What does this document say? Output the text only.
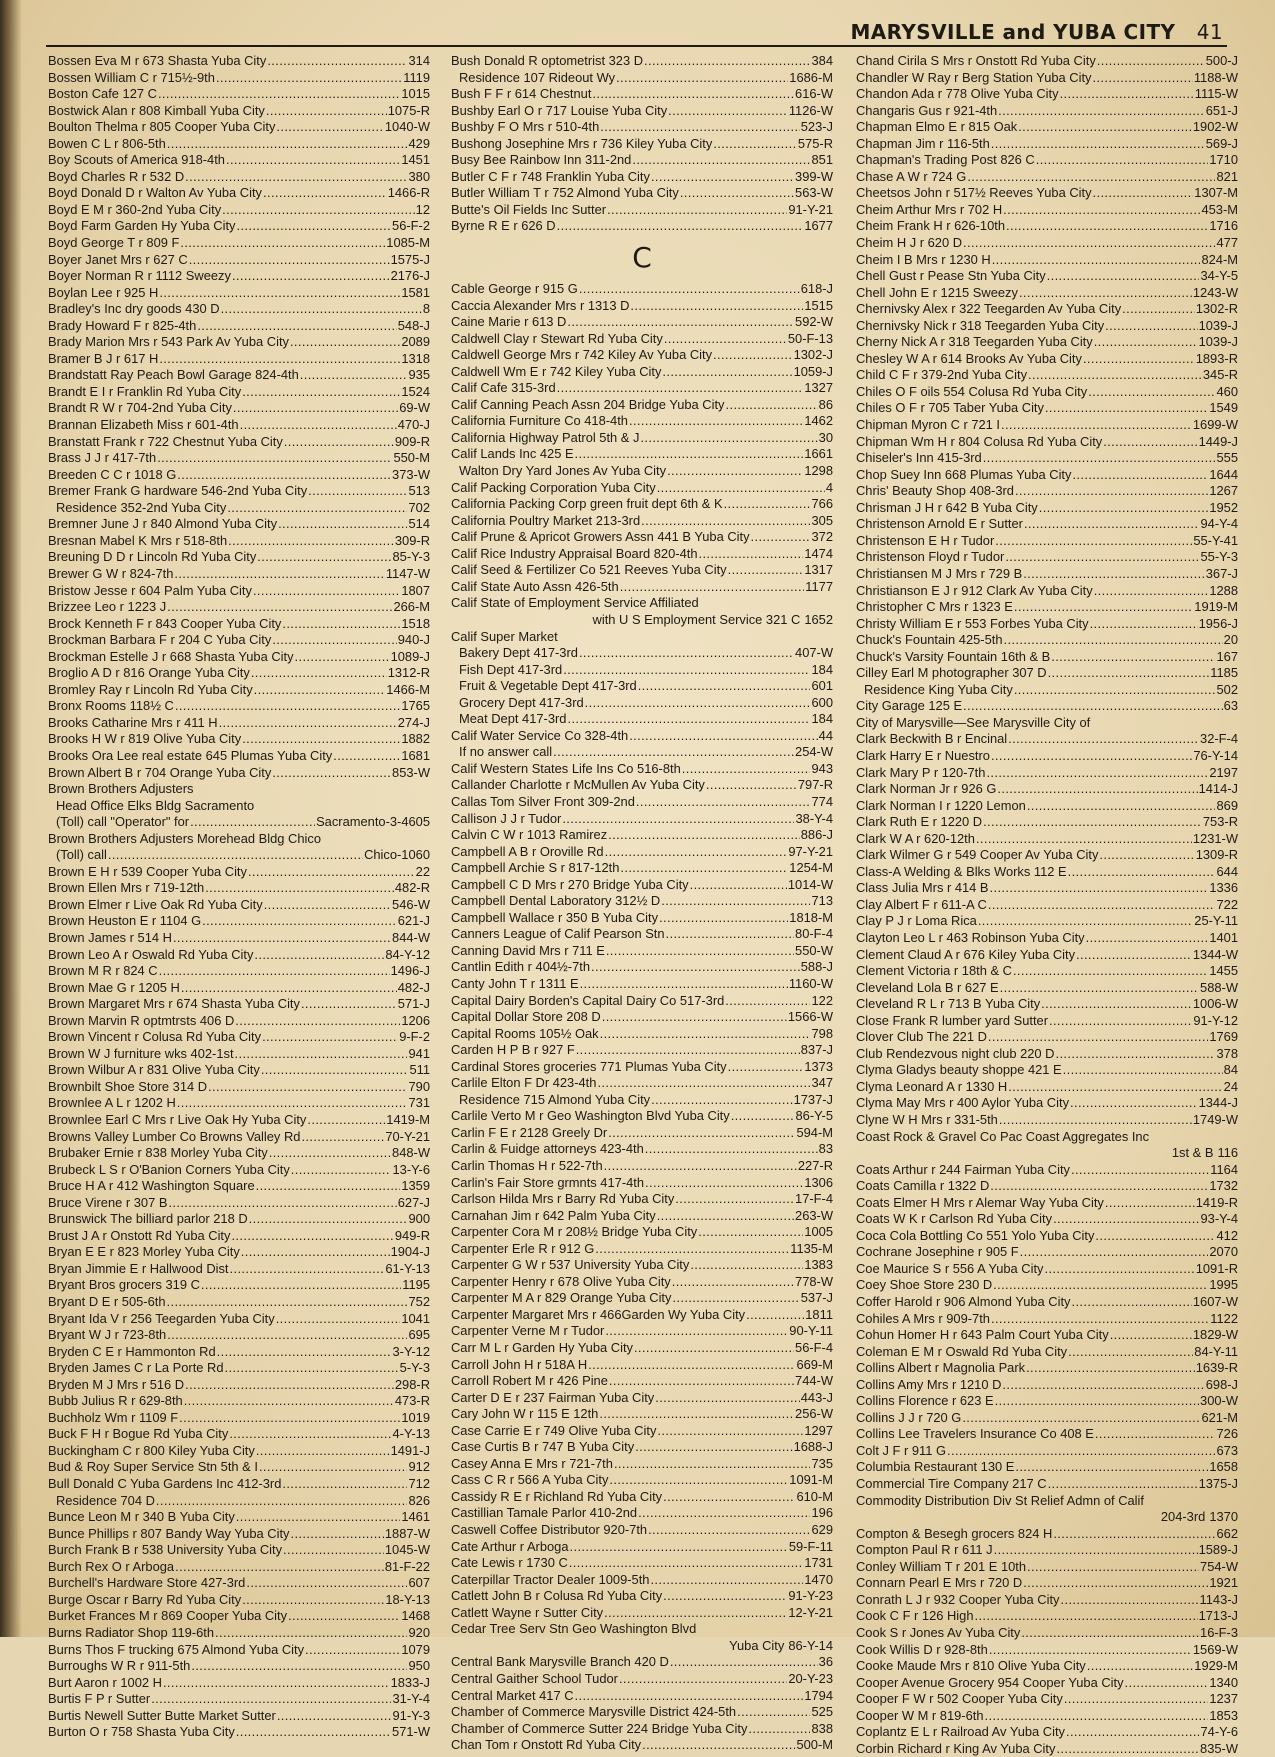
MARYSVILLE and YUBA CITY 41
Bossen Eva M r 673 Shasta Yuba City . . .	314
Bossen William C r 715½-9th . . .	1119
Boston Cafe 127 C . . .	1015
Bostwick Alan r 808 Kimball Yuba City . . .	1075-R
Boulton Thelma r 805 Cooper Yuba City . . .	1040-W
Bowen C L r 806-5th . . .	429
Boy Scouts of America 918-4th . . .	1451
Boyd Charles R r 532 D . . .	380
Boyd Donald D r Walton Av Yuba City . . .	1466-R
Boyd E M r 360-2nd Yuba City . . .	12
Boyd Farm Garden Hy Yuba City . . .	56-F-2
Boyd George T r 809 F . . .	1085-M
Boyer Janet Mrs r 627 C . . .	1575-J
Boyer Norman R r 1112 Sweezy . . .	2176-J
Boylan Lee r 925 H . . .	1581
Bradley's Inc dry goods 430 D . . .	8
Brady Howard F r 825-4th . . .	548-J
Brady Marion Mrs r 543 Park Av Yuba City . . .	2089
Bramer B J r 617 H . . .	1318
Brandstatt Ray Peach Bowl Garage 824-4th . . .	935
Brandt E I r Franklin Rd Yuba City . . .	1524
Brandt R W r 704-2nd Yuba City . . .	69-W
Brannan Elizabeth Miss r 601-4th . . .	470-J
Branstatt Frank r 722 Chestnut Yuba City . . .	909-R
Brass J J r 417-7th . . .	550-M
Breeden C C r 1018 G . . .	373-W
Bremer Frank G hardware 546-2nd Yuba City . . .	513
Residence 352-2nd Yuba City . . .	702
Bremner June J r 840 Almond Yuba City . . .	514
Bresnan Mabel K Mrs r 518-8th . . .	309-R
Breuning D D r Lincoln Rd Yuba City . . .	85-Y-3
Brewer G W r 824-7th . . .	1147-W
Bristow Jesse r 604 Palm Yuba City . . .	1807
Brizzee Leo r 1223 J . . .	266-M
Brock Kenneth F r 843 Cooper Yuba City . . .	1518
Brockman Barbara F r 204 C Yuba City . . .	940-J
Brockman Estelle J r 668 Shasta Yuba City . . .	1089-J
Broglio A D r 816 Orange Yuba City . . .	1312-R
Bromley Ray r Lincoln Rd Yuba City . . .	1466-M
Bronx Rooms 118½ C . . .	1765
Brooks Catharine Mrs r 411 H . . .	274-J
Brooks H W r 819 Olive Yuba City . . .	1882
Brooks Ora Lee real estate 645 Plumas Yuba City . . .	1681
Brown Albert B r 704 Orange Yuba City . . .	853-W
Brown Brothers Adjusters
Head Office Elks Bldg Sacramento
(Toll) call "Operator" for . . .	Sacramento-3-4605
Brown Brothers Adjusters Morehead Bldg Chico
(Toll) call . . .	Chico-1060
Brown E H r 539 Cooper Yuba City . . .	22
Brown Ellen Mrs r 719-12th . . .	482-R
Brown Elmer r Live Oak Rd Yuba City . . .	546-W
Brown Heuston E r 1104 G . . .	621-J
Brown James r 514 H . . .	844-W
Brown Leo A r Oswald Rd Yuba City . . .	84-Y-12
Brown M R r 824 C . . .	1496-J
Brown Mae G r 1205 H . . .	482-J
Brown Margaret Mrs r 674 Shasta Yuba City . . .	571-J
Brown Marvin R optmtrsts 406 D . . .	1206
Brown Vincent r Colusa Rd Yuba City . . .	9-F-2
Brown W J furniture wks 402-1st . . .	941
Brown Wilbur A r 831 Olive Yuba City . . .	511
Brownbilt Shoe Store 314 D . . .	790
Brownlee A L r 1202 H . . .	731
Brownlee Earl C Mrs r Live Oak Hy Yuba City . . .	1419-M
Browns Valley Lumber Co Browns Valley Rd . . .	70-Y-21
Brubaker Ernie r 838 Morley Yuba City . . .	848-W
Brubeck L S r O'Banion Corners Yuba City . . .	13-Y-6
Bruce H A r 412 Washington Square . . .	1359
Bruce Virene r 307 B . . .	627-J
Brunswick The billiard parlor 218 D . . .	900
Brust J A r Onstott Rd Yuba City . . .	949-R
Bryan E E r 823 Morley Yuba City . . .	1904-J
Bryan Jimmie E r Hallwood Dist . . .	61-Y-13
Bryant Bros grocers 319 C . . .	1195
Bryant D E r 505-6th . . .	752
Bryant Ida V r 256 Teegarden Yuba City . . .	1041
Bryant W J r 723-8th . . .	695
Bryden C E r Hammonton Rd . . .	3-Y-12
Bryden James C r La Porte Rd . . .	5-Y-3
Bryden M J Mrs r 516 D . . .	298-R
Bubb Julius R r 629-8th . . .	473-R
Buchholz Wm r 1109 F . . .	1019
Buck F H r Bogue Rd Yuba City . . .	4-Y-13
Buckingham C r 800 Kiley Yuba City . . .	1491-J
Bud & Roy Super Service Stn 5th & I . . .	912
Bull Donald C Yuba Gardens Inc 412-3rd . . .	712
Residence 704 D . . .	826
Bunce Leon M r 340 B Yuba City . . .	1461
Bunce Phillips r 807 Bandy Way Yuba City . . .	1887-W
Burch Frank B r 538 University Yuba City . . .	1045-W
Burch Rex O r Arboga . . .	81-F-22
Burchell's Hardware Store 427-3rd . . .	607
Burge Oscar r Barry Rd Yuba City . . .	18-Y-13
Burket Frances M r 869 Cooper Yuba City . . .	1468
Burns Radiator Shop 119-6th . . .	920
Burns Thos F trucking 675 Almond Yuba City . . .	1079
Burroughs W R r 911-5th . . .	950
Burt Aaron r 1002 H . . .	1833-J
Burtis F P r Sutter . . .	31-Y-4
Burtis Newell Sutter Butte Market Sutter . . .	91-Y-3
Burton O r 758 Shasta Yuba City . . .	571-W
Bush Donald R optometrist 323 D . . .	384
Residence 107 Rideout Wy . . .	1686-M
Bush F F r 614 Chestnut . . .	616-W
Bushby Earl O r 717 Louise Yuba City . . .	1126-W
Bushby F O Mrs r 510-4th . . .	523-J
Bushong Josephine Mrs r 736 Kiley Yuba City . . .	575-R
Busy Bee Rainbow Inn 311-2nd . . .	851
Butler C F r 748 Franklin Yuba City . . .	399-W
Butler William T r 752 Almond Yuba City . . .	563-W
Butte's Oil Fields Inc Sutter . . .	91-Y-21
Byrne R E r 626 D . . .	1677
C
Cable George r 915 G . . .	618-J
Caccia Alexander Mrs r 1313 D . . .	1515
Caine Marie r 613 D . . .	592-W
Caldwell Clay r Stewart Rd Yuba City . . .	50-F-13
Caldwell George Mrs r 742 Kiley Av Yuba City . . .	1302-J
Caldwell Wm E r 742 Kiley Yuba City . . .	1059-J
Calif Cafe 315-3rd . . .	1327
Calif Canning Peach Assn 204 Bridge Yuba City . . .	86
California Furniture Co 418-4th . . .	1462
California Highway Patrol 5th & J . . .	30
Calif Lands Inc 425 E . . .	1661
Walton Dry Yard Jones Av Yuba City . . .	1298
Calif Packing Corporation Yuba City . . .	4
California Packing Corp green fruit dept 6th & K . . .	766
California Poultry Market 213-3rd . . .	305
Calif Prune & Apricot Growers Assn 441 B Yuba City . . .	372
Calif Rice Industry Appraisal Board 820-4th . . .	1474
Calif Seed & Fertilizer Co 521 Reeves Yuba City . . .	1317
Calif State Auto Assn 426-5th . . .	1177
Calif State of Employment Service Affiliated
with U S Employment Service 321 C 1652
Calif Super Market
Bakery Dept 417-3rd . . .	407-W
Fish Dept 417-3rd . . .	184
Fruit & Vegetable Dept 417-3rd . . .	601
Grocery Dept 417-3rd . . .	600
Meat Dept 417-3rd . . .	184
Calif Water Service Co 328-4th . . .	44
If no answer call . . .	254-W
Calif Western States Life Ins Co 516-8th . . .	943
Callander Charlotte r McMullen Av Yuba City . . .	797-R
Callas Tom Silver Front 309-2nd . . .	774
Callison J J r Tudor . . .	38-Y-4
Calvin C W r 1013 Ramirez . . .	886-J
Campbell A B r Oroville Rd . . .	97-Y-21
Campbell Archie S r 817-12th . . .	1254-M
Campbell C D Mrs r 270 Bridge Yuba City . . .	1014-W
Campbell Dental Laboratory 312½ D . . .	713
Campbell Wallace r 350 B Yuba City . . .	1818-M
Canners League of Calif Pearson Stn . . .	80-F-4
Canning David Mrs r 711 E . . .	550-W
Cantlin Edith r 404½-7th . . .	588-J
Canty John T r 1311 E . . .	1160-W
Capital Dairy Borden's Capital Dairy Co 517-3rd . . .	122
Capital Dollar Store 208 D . . .	1566-W
Capital Rooms 105½ Oak . . .	798
Carden H P B r 927 F . . .	837-J
Cardinal Stores groceries 771 Plumas Yuba City . . .	1373
Carlile Elton F Dr 423-4th . . .	347
Residence 715 Almond Yuba City . . .	1737-J
Carlile Verto M r Geo Washington Blvd Yuba City . . .	86-Y-5
Carlin F E r 2128 Greely Dr . . .	594-M
Carlin & Fuidge attorneys 423-4th . . .	83
Carlin Thomas H r 522-7th . . .	227-R
Carlin's Fair Store grmnts 417-4th . . .	1306
Carlson Hilda Mrs r Barry Rd Yuba City . . .	17-F-4
Carnahan Jim r 642 Palm Yuba City . . .	263-W
Carpenter Cora M r 208½ Bridge Yuba City . . .	1005
Carpenter Erle R r 912 G . . .	1135-M
Carpenter G W r 537 University Yuba City . . .	1383
Carpenter Henry r 678 Olive Yuba City . . .	778-W
Carpenter M A r 829 Orange Yuba City . . .	537-J
Carpenter Margaret Mrs r 466Garden Wy Yuba City . . .	1811
Carpenter Verne M r Tudor . . .	90-Y-11
Carr M L r Garden Hy Yuba City . . .	56-F-4
Carroll John H r 518A H . . .	669-M
Carroll Robert M r 426 Pine . . .	744-W
Carter D E r 237 Fairman Yuba City . . .	443-J
Cary John W r 115 E 12th . . .	256-W
Case Carrie E r 749 Olive Yuba City . . .	1297
Case Curtis B r 747 B Yuba City . . .	1688-J
Casey Anna E Mrs r 721-7th . . .	735
Cass C R r 566 A Yuba City . . .	1091-M
Cassidy R E r Richland Rd Yuba City . . .	610-M
Castillian Tamale Parlor 410-2nd . . .	196
Caswell Coffee Distributor 920-7th . . .	629
Cate Arthur r Arboga . . .	59-F-11
Cate Lewis r 1730 C . . .	1731
Caterpillar Tractor Dealer 1009-5th . . .	1470
Catlett John B r Colusa Rd Yuba City . . .	91-Y-23
Catlett Wayne r Sutter City . . .	12-Y-21
Cedar Tree Serv Stn Geo Washington Blvd
Yuba City 86-Y-14
Central Bank Marysville Branch 420 D . . .	36
Central Gaither School Tudor . . .	20-Y-23
Central Market 417 C . . .	1794
Chamber of Commerce Marysville District 424-5th . . .	525
Chamber of Commerce Sutter 224 Bridge Yuba City . . .	838
Chan Tom r Onstott Rd Yuba City . . .	500-M
Chand Cirila S Mrs r Onstott Rd Yuba City . . .	500-J
Chandler W Ray r Berg Station Yuba City . . .	1188-W
Chandon Ada r 778 Olive Yuba City . . .	1115-W
Changaris Gus r 921-4th . . .	651-J
Chapman Elmo E r 815 Oak . . .	1902-W
Chapman Jim r 116-5th . . .	569-J
Chapman's Trading Post 826 C . . .	1710
Chase A W r 724 G . . .	821
Cheetsos John r 517½ Reeves Yuba City . . .	1307-M
Cheim Arthur Mrs r 702 H . . .	453-M
Cheim Frank H r 626-10th . . .	1716
Cheim H J r 620 D . . .	477
Cheim I B Mrs r 1230 H . . .	824-M
Chell Gust r Pease Stn Yuba City . . .	34-Y-5
Chell John E r 1215 Sweezy . . .	1243-W
Chernivsky Alex r 322 Teegarden Av Yuba City . . .	1302-R
Chernivsky Nick r 318 Teegarden Yuba City . . .	1039-J
Cherny Nick A r 318 Teegarden Yuba City . . .	1039-J
Chesley W A r 614 Brooks Av Yuba City . . .	1893-R
Child C F r 379-2nd Yuba City . . .	345-R
Chiles O F oils 554 Colusa Rd Yuba City . . .	460
Chiles O F r 705 Taber Yuba City . . .	1549
Chipman Myron C r 721 I . . .	1699-W
Chipman Wm H r 804 Colusa Rd Yuba City . . .	1449-J
Chiseler's Inn 415-3rd . . .	555
Chop Suey Inn 668 Plumas Yuba City . . .	1644
Chris' Beauty Shop 408-3rd . . .	1267
Chrisman J H r 642 B Yuba City . . .	1952
Christenson Arnold E r Sutter . . .	94-Y-4
Christenson E H r Tudor . . .	55-Y-41
Christenson Floyd r Tudor . . .	55-Y-3
Christiansen M J Mrs r 729 B . . .	367-J
Christianson E J r 912 Clark Av Yuba City . . .	1288
Christopher C Mrs r 1323 E . . .	1919-M
Christy William E r 553 Forbes Yuba City . . .	1956-J
Chuck's Fountain 425-5th . . .	20
Chuck's Varsity Fountain 16th & B . . .	167
Cilley Earl M photographer 307 D . . .	1185
Residence King Yuba City . . .	502
City Garage 125 E . . .	63
City of Marysville—See Marysville City of
Clark Beckwith B r Encinal . . .	32-F-4
Clark Harry E r Nuestro . . .	76-Y-14
Clark Mary P r 120-7th . . .	2197
Clark Norman Jr r 926 G . . .	1414-J
Clark Norman I r 1220 Lemon . . .	869
Clark Ruth E r 1220 D . . .	753-R
Clark W A r 620-12th . . .	1231-W
Clark Wilmer G r 549 Cooper Av Yuba City . . .	1309-R
Class-A Welding & Blks Works 112 E . . .	644
Class Julia Mrs r 414 B . . .	1336
Clay Albert F r 611-A C . . .	722
Clay P J r Loma Rica . . .	25-Y-11
Clayton Leo L r 463 Robinson Yuba City . . .	1401
Clement Claud A r 676 Kiley Yuba City . . .	1344-W
Clement Victoria r 18th & C . . .	1455
Cleveland Lola B r 627 E . . .	588-W
Cleveland R L r 713 B Yuba City . . .	1006-W
Close Frank R lumber yard Sutter . . .	91-Y-12
Clover Club The 221 D . . .	1769
Club Rendezvous night club 220 D . . .	378
Clyma Gladys beauty shoppe 421 E . . .	84
Clyma Leonard A r 1330 H . . .	24
Clyma May Mrs r 400 Aylor Yuba City . . .	1344-J
Clyne W H Mrs r 331-5th . . .	1749-W
Coast Rock & Gravel Co Pac Coast Aggregates Inc
1st & B 116
Coats Arthur r 244 Fairman Yuba City . . .	1164
Coats Camilla r 1322 D . . .	1732
Coats Elmer H Mrs r Alemar Way Yuba City . . .	1419-R
Coats W K r Carlson Rd Yuba City . . .	93-Y-4
Coca Cola Bottling Co 551 Yolo Yuba City . . .	412
Cochrane Josephine r 905 F . . .	2070
Coe Maurice S r 556 A Yuba City . . .	1091-R
Coey Shoe Store 230 D . . .	1995
Coffer Harold r 906 Almond Yuba City . . .	1607-W
Cohiles A Mrs r 909-7th . . .	1122
Cohun Homer H r 643 Palm Court Yuba City . . .	1829-W
Coleman E M r Oswald Rd Yuba City . . .	84-Y-11
Collins Albert r Magnolia Park . . .	1639-R
Collins Amy Mrs r 1210 D . . .	698-J
Collins Florence r 623 E . . .	300-W
Collins J J r 720 G . . .	621-M
Collins Lee Travelers Insurance Co 408 E . . .	726
Colt J F r 911 G . . .	673
Columbia Restaurant 130 E . . .	1658
Commercial Tire Company 217 C . . .	1375-J
Commodity Distribution Div St Relief Admn of Calif
204-3rd 1370
Compton & Besegh grocers 824 H . . .	662
Compton Paul R r 611 J . . .	1589-J
Conley William T r 201 E 10th . . .	754-W
Connarn Pearl E Mrs r 720 D . . .	1921
Conrath L J r 932 Cooper Yuba City . . .	1143-J
Cook C F r 126 High . . .	1713-J
Cook S r Jones Av Yuba City . . .	16-F-3
Cook Willis D r 928-8th . . .	1569-W
Cooke Maude Mrs r 810 Olive Yuba City . . .	1929-M
Cooper Avenue Grocery 954 Cooper Yuba City . . .	1340
Cooper F W r 502 Cooper Yuba City . . .	1237
Cooper W M r 819-6th . . .	1853
Coplantz E L r Railroad Av Yuba City . . .	74-Y-6
Corbin Richard r King Av Yuba City . . .	835-W
